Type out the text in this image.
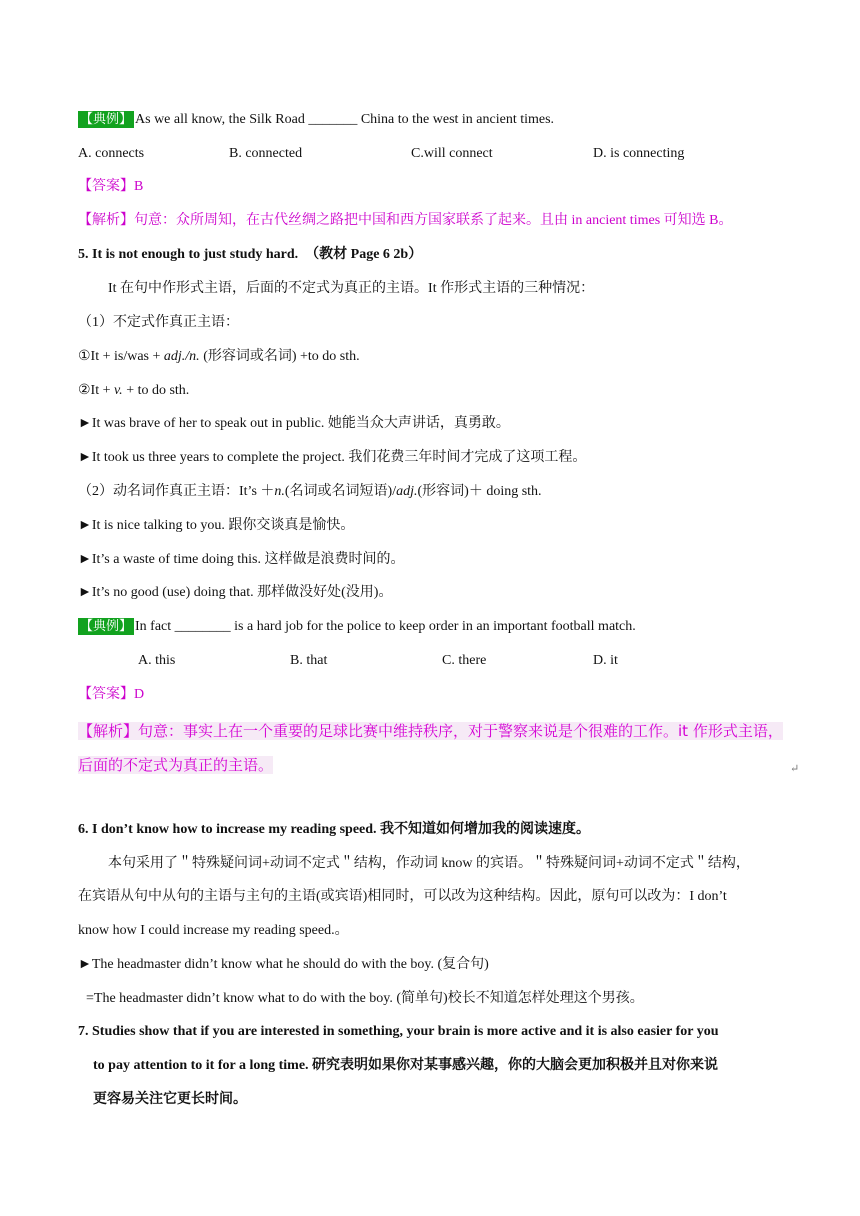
【典例】 As we all know, the Silk Road _______ China to the west in ancient times.
A. connects	B. connected	C.will connect	D. is connecting
【答案】B
【解析】句意：众所周知，在古代丝绸之路把中国和西方国家联系了起来。且由 in ancient times 可知选 B。
5. It is not enough to just study hard. （教材 Page 6 2b）
It 在句中作形式主语，后面的不定式为真正的主语。It 作形式主语的三种情况：
（1）不定式作真正主语：
①It + is/was + adj./n. (形容词或名词) +to do sth.
②It + v. + to do sth.
►It was brave of her to speak out in public. 她能当众大声讲话，真勇敢。
►It took us three years to complete the project. 我们花费三年时间才完成了这项工程。
（2）动名词作真正主语：It’s ＋n.(名词或名词短语)/adj.(形容词)＋ doing sth.
►It is nice talking to you. 跟你交谈真是愉快。
►It’s a waste of time doing this. 这样做是浪费时间的。
►It’s no good (use) doing that. 那样做没好处(没用)。
【典例】 In fact ________ is a hard job for the police to keep order in an important football match.
A. this	B. that	C. there	D. it
【答案】D
【解析】句意：事实上在一个重要的足球比赛中维持秩序，对于警察来说是个很难的工作。it 作形式主语，
后面的不定式为真正的主语。	↵
6. I don’t know how to increase my reading speed. 我不知道如何增加我的阅读速度。
本句采用了＂特殊疑问词+动词不定式＂结构，作动词 know 的宾语。＂特殊疑问词+动词不定式＂结构，
在宾语从句中从句的主语与主句的主语(或宾语)相同时，可以改为这种结构。因此，原句可以改为：I don’t
know how I could increase my reading speed.。
►The headmaster didn’t know what he should do with the boy. (复合句)
=The headmaster didn’t know what to do with the boy. (简单句)校长不知道怎样处理这个男孩。
7. Studies show that if you are interested in something, your brain is more active and it is also easier for you
to pay attention to it for a long time. 研究表明如果你对某事感兴趣，你的大脑会更加积极并且对你来说
更容易关注它更长时间。
